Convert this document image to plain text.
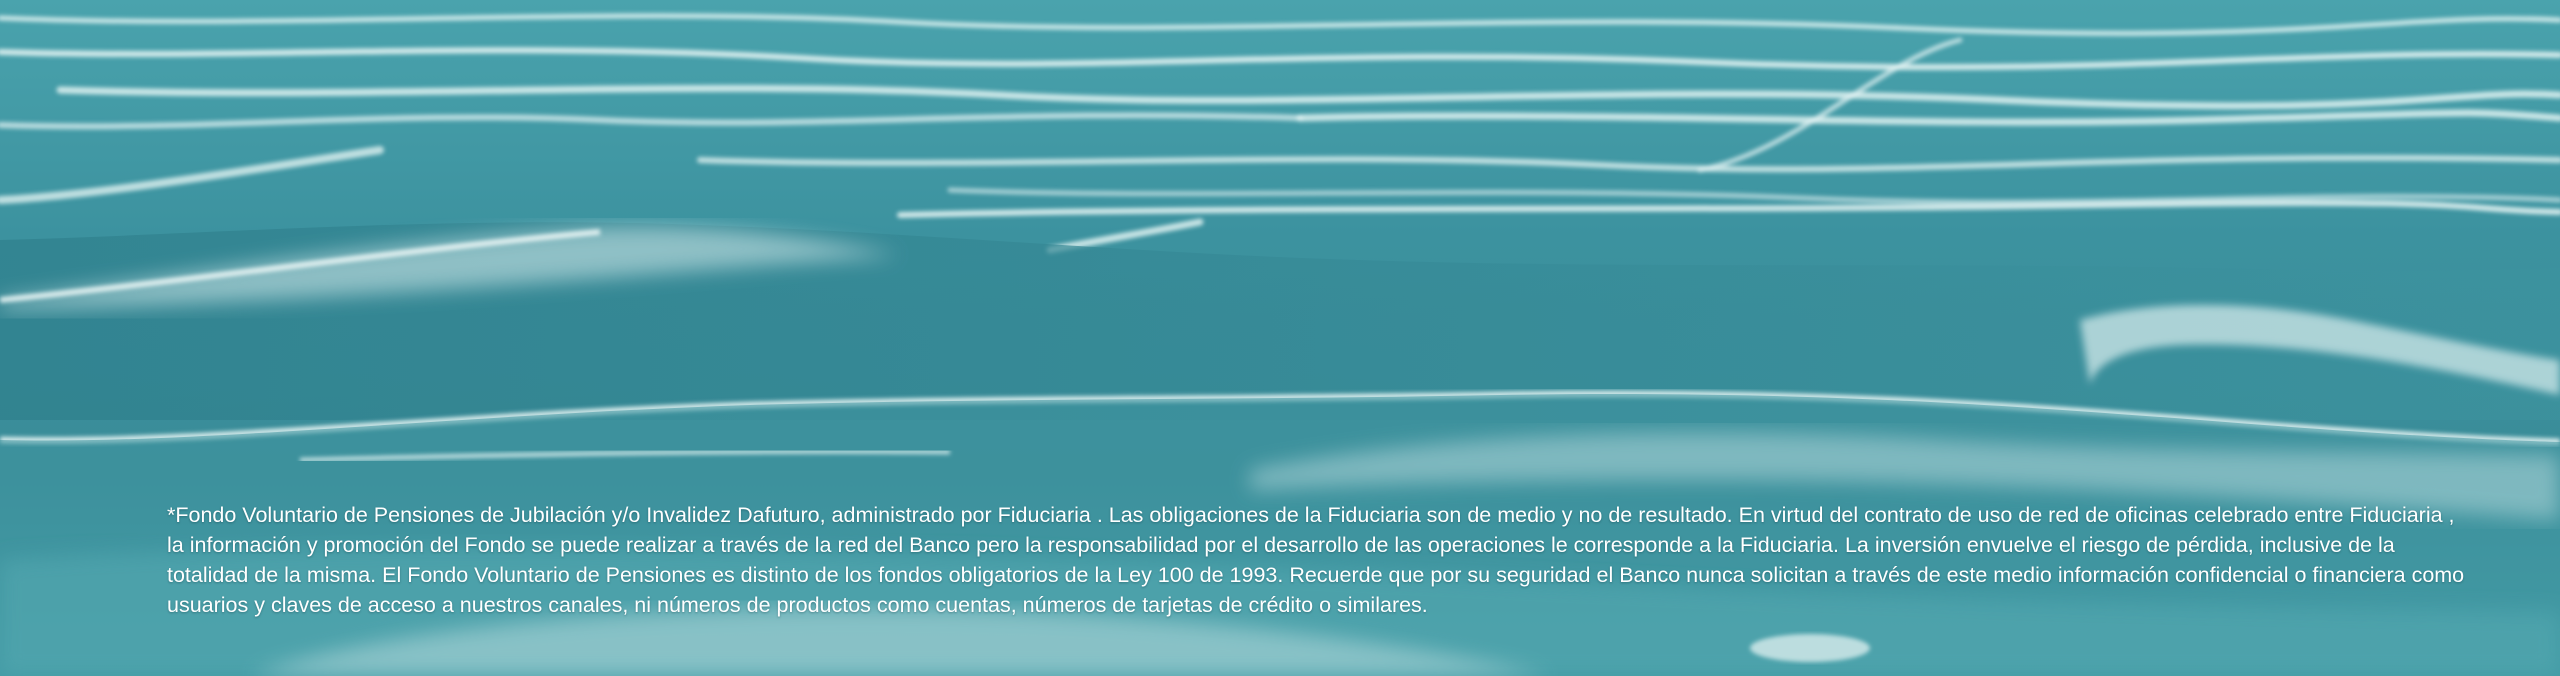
*Fondo Voluntario de Pensiones de Jubilación y/o Invalidez Dafuturo, administrado por Fiduciaria . Las obligaciones de la Fiduciaria son de medio y no de resultado. En virtud del contrato de uso de red de oficinas celebrado entre Fiduciaria , la información y promoción del Fondo se puede realizar a través de la red del Banco pero la responsabilidad por el desarrollo de las operaciones le corresponde a la Fiduciaria. La inversión envuelve el riesgo de pérdida, inclusive de la totalidad de la misma. El Fondo Voluntario de Pensiones es distinto de los fondos obligatorios de la Ley 100 de 1993. Recuerde que por su seguridad el Banco nunca solicitan a través de este medio información confidencial o financiera como usuarios y claves de acceso a nuestros canales, ni números de productos como cuentas, números de tarjetas de crédito o similares.
